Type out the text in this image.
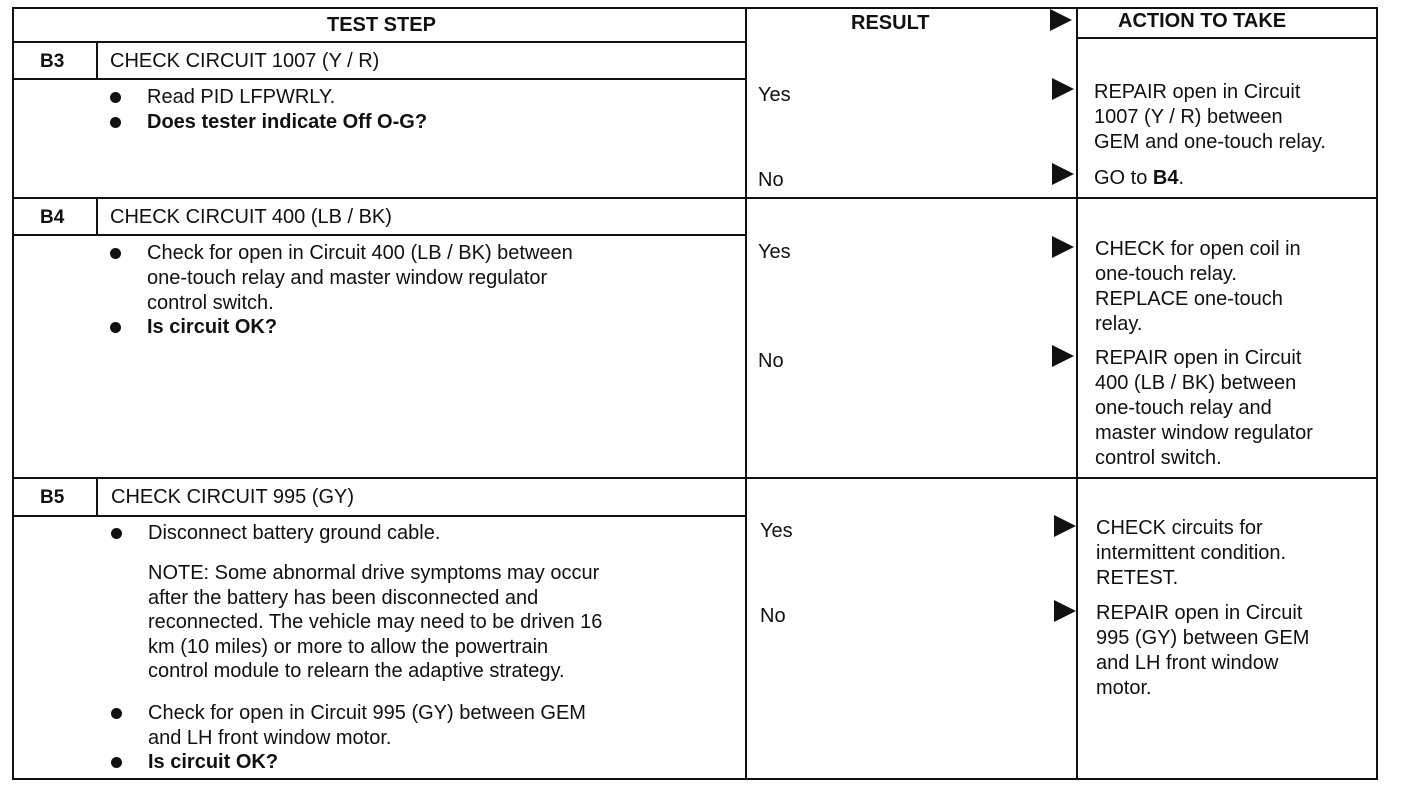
TEST STEP	RESULT	ACTION TO TAKE
B3 CHECK CIRCUIT 1007 (Y / R)
Read PID LFPWRLY.
Does tester indicate Off O-G?
Yes	REPAIR open in Circuit
1007 (Y / R) between
GEM and one-touch relay.
No	GO to B4.
B4 CHECK CIRCUIT 400 (LB / BK)
Check for open in Circuit 400 (LB / BK) between
one-touch relay and master window regulator
control switch.
Is circuit OK?
Yes	CHECK for open coil in
one-touch relay.
REPLACE one-touch
relay.
No	REPAIR open in Circuit
400 (LB / BK) between
one-touch relay and
master window regulator
control switch.
B5 CHECK CIRCUIT 995 (GY)
Disconnect battery ground cable.
NOTE: Some abnormal drive symptoms may occur
after the battery has been disconnected and
reconnected. The vehicle may need to be driven 16
km (10 miles) or more to allow the powertrain
control module to relearn the adaptive strategy.
Check for open in Circuit 995 (GY) between GEM
and LH front window motor.
Is circuit OK?
Yes	CHECK circuits for
intermittent condition.
RETEST.
No	REPAIR open in Circuit
995 (GY) between GEM
and LH front window
motor.
